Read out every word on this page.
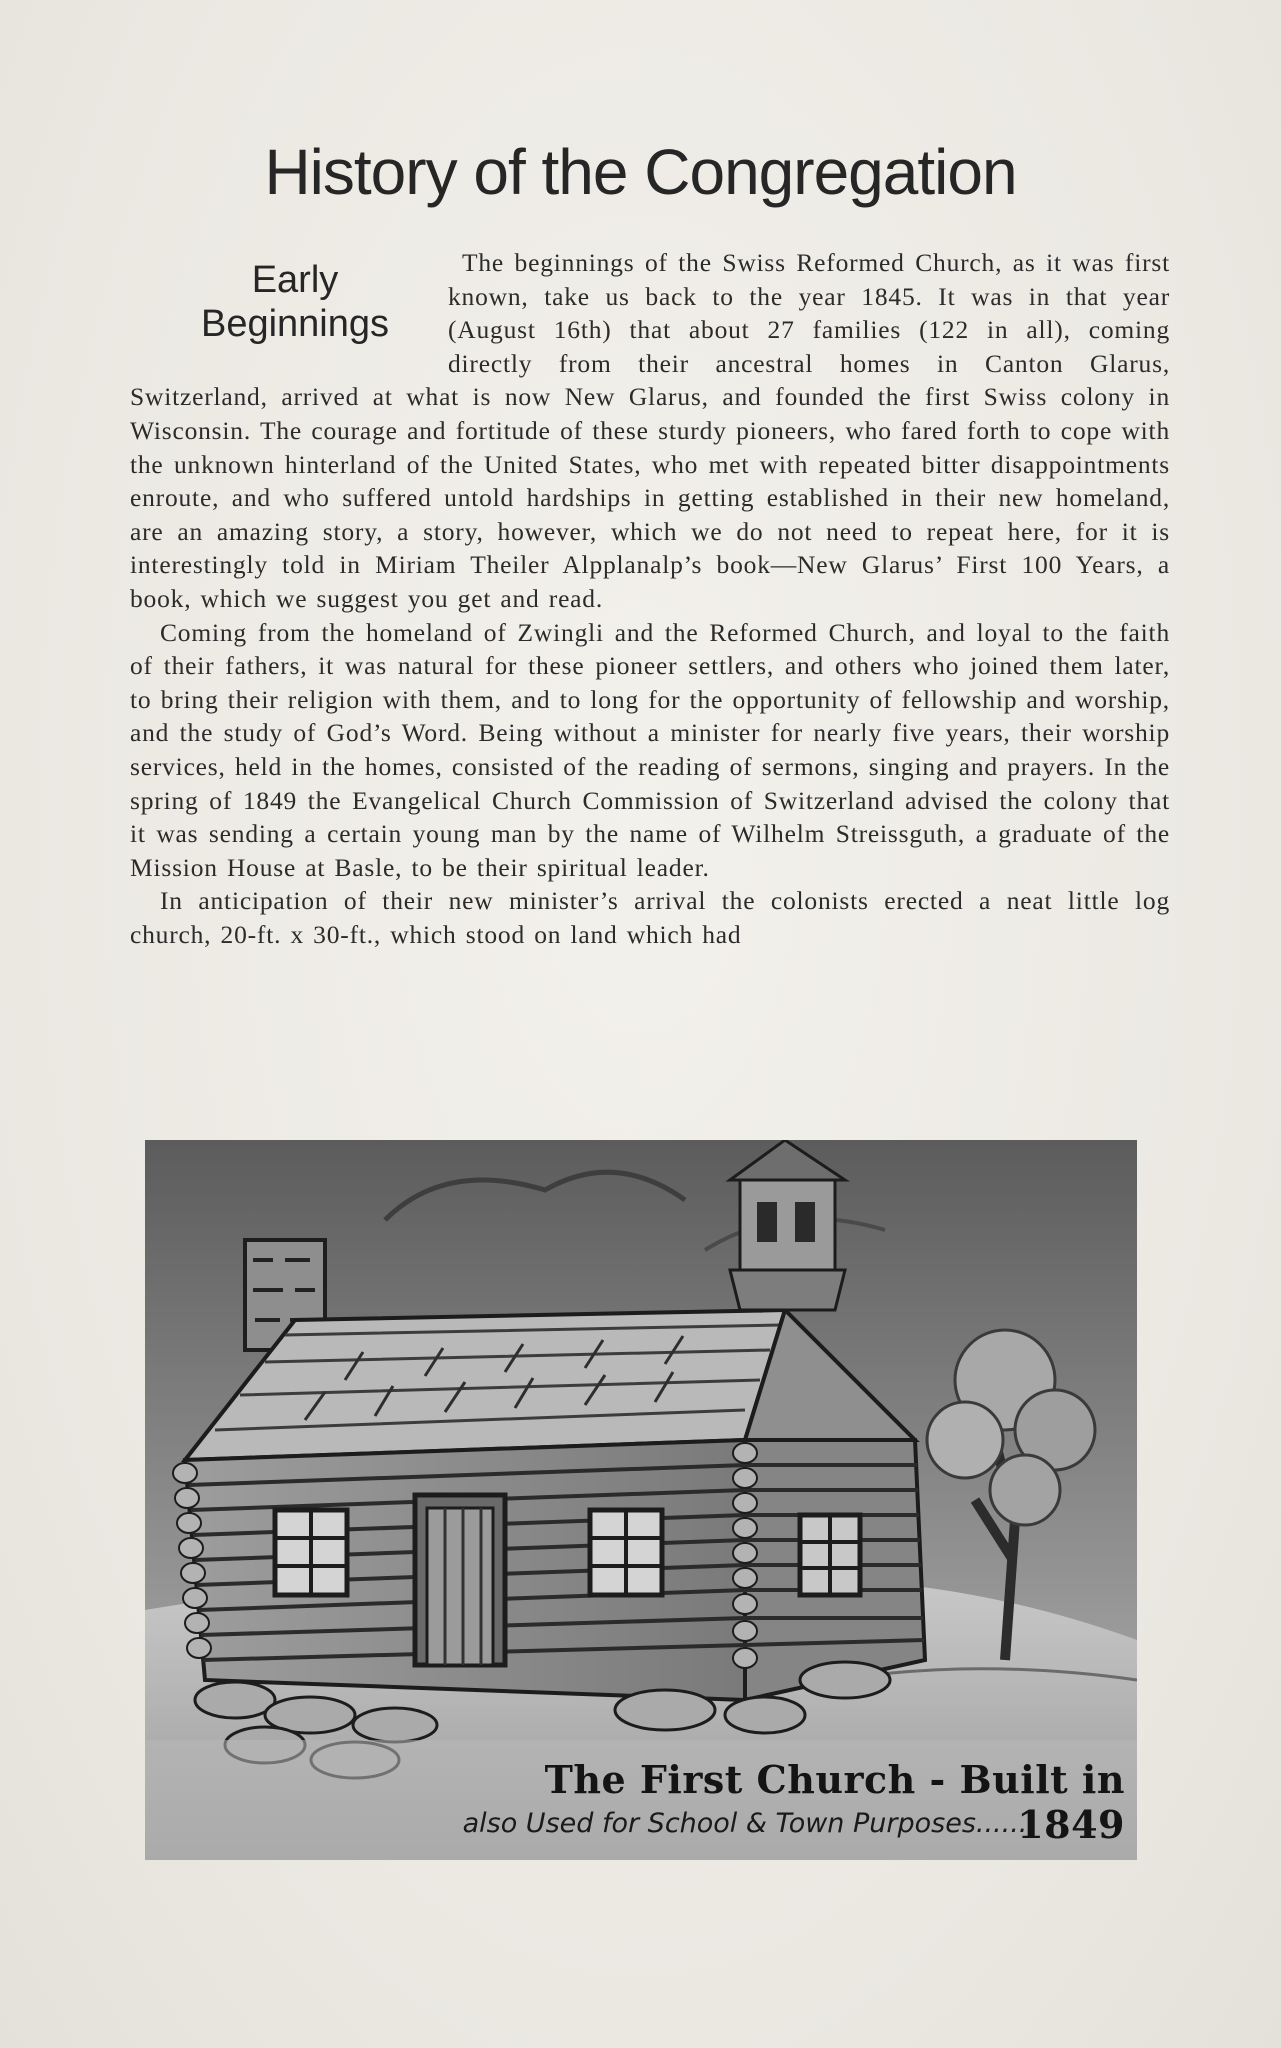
History of the Congregation
Early Beginnings

The beginnings of the Swiss Reformed Church, as it was first known, take us back to the year 1845. It was in that year (August 16th) that about 27 families (122 in all), coming directly from their ancestral homes in Canton Glarus, Switzerland, arrived at what is now New Glarus, and founded the first Swiss colony in Wisconsin. The courage and fortitude of these sturdy pioneers, who fared forth to cope with the unknown hinterland of the United States, who met with repeated bitter disappointments enroute, and who suffered untold hardships in getting established in their new homeland, are an amazing story, a story, however, which we do not need to repeat here, for it is interestingly told in Miriam Theiler Alpplanalp’s book—New Glarus’ First 100 Years, a book, which we suggest you get and read.

Coming from the homeland of Zwingli and the Reformed Church, and loyal to the faith of their fathers, it was natural for these pioneer settlers, and others who joined them later, to bring their religion with them, and to long for the opportunity of fellowship and worship, and the study of God’s Word. Being without a minister for nearly five years, their worship services, held in the homes, consisted of the reading of sermons, singing and prayers. In the spring of 1849 the Evangelical Church Commission of Switzerland advised the colony that it was sending a certain young man by the name of Wilhelm Streissguth, a graduate of the Mission House at Basle, to be their spiritual leader.

In anticipation of their new minister’s arrival the colonists erected a neat little log church, 20-ft. x 30-ft., which stood on land which had

The First Church - Built in 1849
also Used for School & Town Purposes......
